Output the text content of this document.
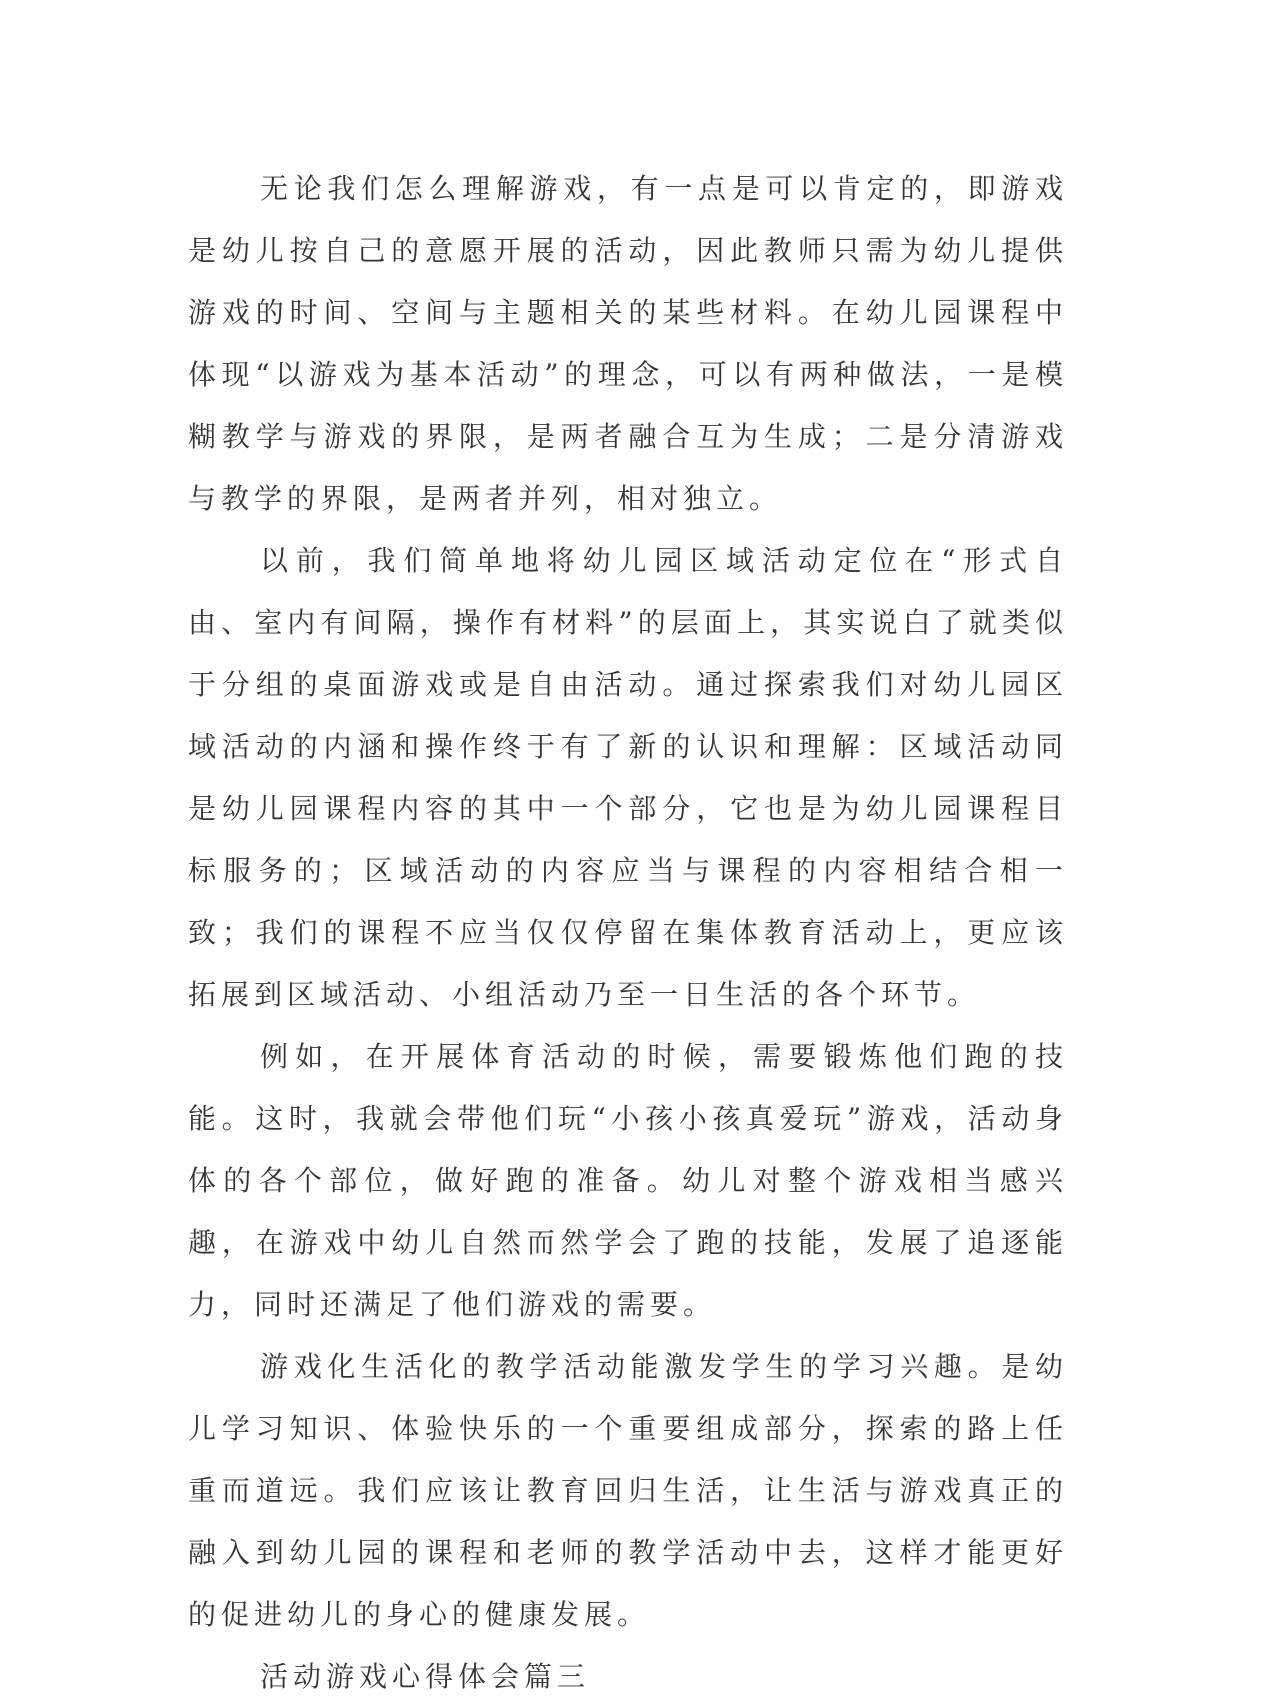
无论我们怎么理解游戏，有一点是可以肯定的，即游戏是幼儿按自己的意愿开展的活动，因此教师只需为幼儿提供游戏的时间、空间与主题相关的某些材料。在幼儿园课程中体现“以游戏为基本活动”的理念，可以有两种做法，一是模糊教学与游戏的界限，是两者融合互为生成；二是分清游戏与教学的界限，是两者并列，相对独立。

以前，我们简单地将幼儿园区域活动定位在“形式自由、室内有间隔，操作有材料”的层面上，其实说白了就类似于分组的桌面游戏或是自由活动。通过探索我们对幼儿园区域活动的内涵和操作终于有了新的认识和理解：区域活动同是幼儿园课程内容的其中一个部分，它也是为幼儿园课程目标服务的；区域活动的内容应当与课程的内容相结合相一致；我们的课程不应当仅仅停留在集体教育活动上，更应该拓展到区域活动、小组活动乃至一日生活的各个环节。

例如，在开展体育活动的时候，需要锻炼他们跑的技能。这时，我就会带他们玩“小孩小孩真爱玩”游戏，活动身体的各个部位，做好跑的准备。幼儿对整个游戏相当感兴趣，在游戏中幼儿自然而然学会了跑的技能，发展了追逐能力，同时还满足了他们游戏的需要。

游戏化生活化的教学活动能激发学生的学习兴趣。是幼儿学习知识、体验快乐的一个重要组成部分，探索的路上任重而道远。我们应该让教育回归生活，让生活与游戏真正的融入到幼儿园的课程和老师的教学活动中去，这样才能更好的促进幼儿的身心的健康发展。

活动游戏心得体会篇三
